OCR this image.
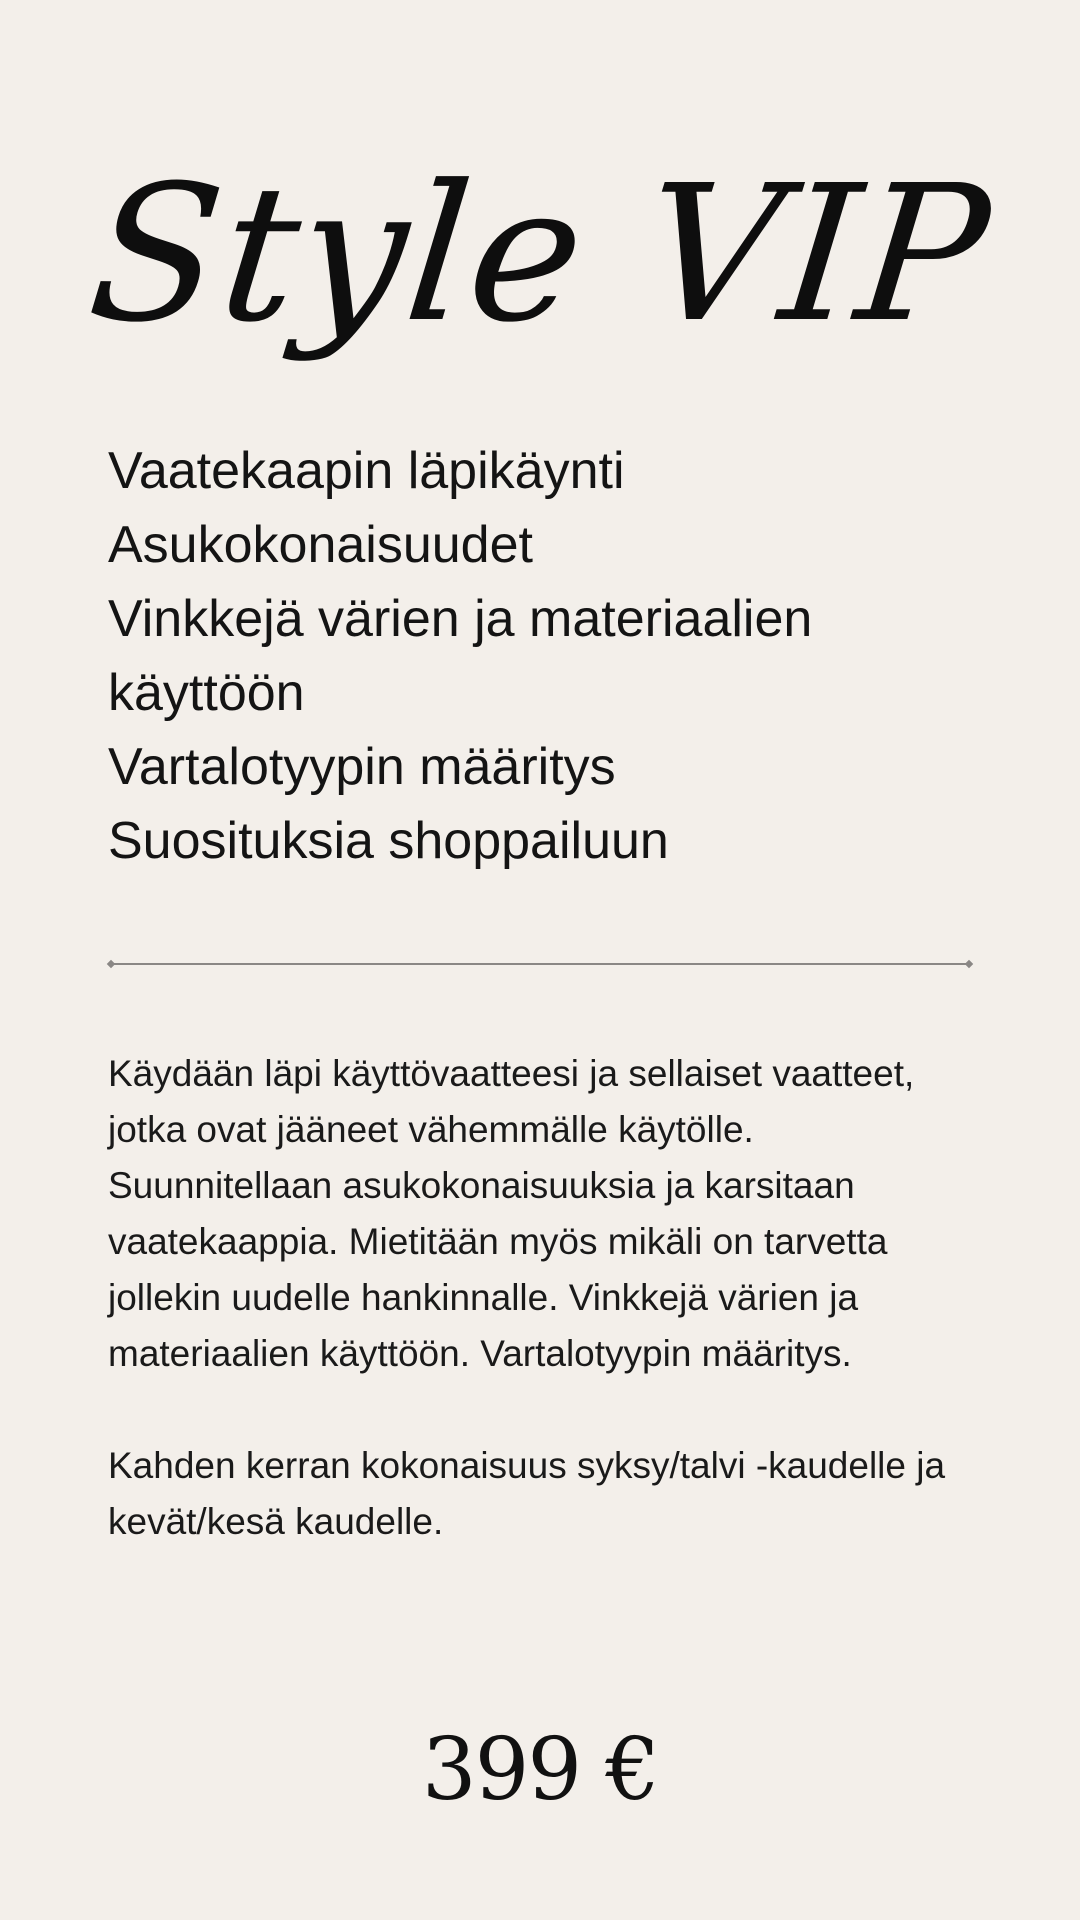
Style VIP
Vaatekaapin läpikäynti
Asukokonaisuudet
Vinkkejä värien ja materiaalien käyttöön
Vartalotyypin määritys
Suosituksia shoppailuun

Käydään läpi käyttövaatteesi ja sellaiset vaatteet, jotka ovat jääneet vähemmälle käytölle. Suunnitellaan asukokonaisuuksia ja karsitaan vaatekaappia. Mietitään myös mikäli on tarvetta jollekin uudelle hankinnalle. Vinkkejä värien ja materiaalien käyttöön. Vartalotyypin määritys.

Kahden kerran kokonaisuus syksy/talvi -kaudelle ja kevät/kesä kaudelle.

399 €
